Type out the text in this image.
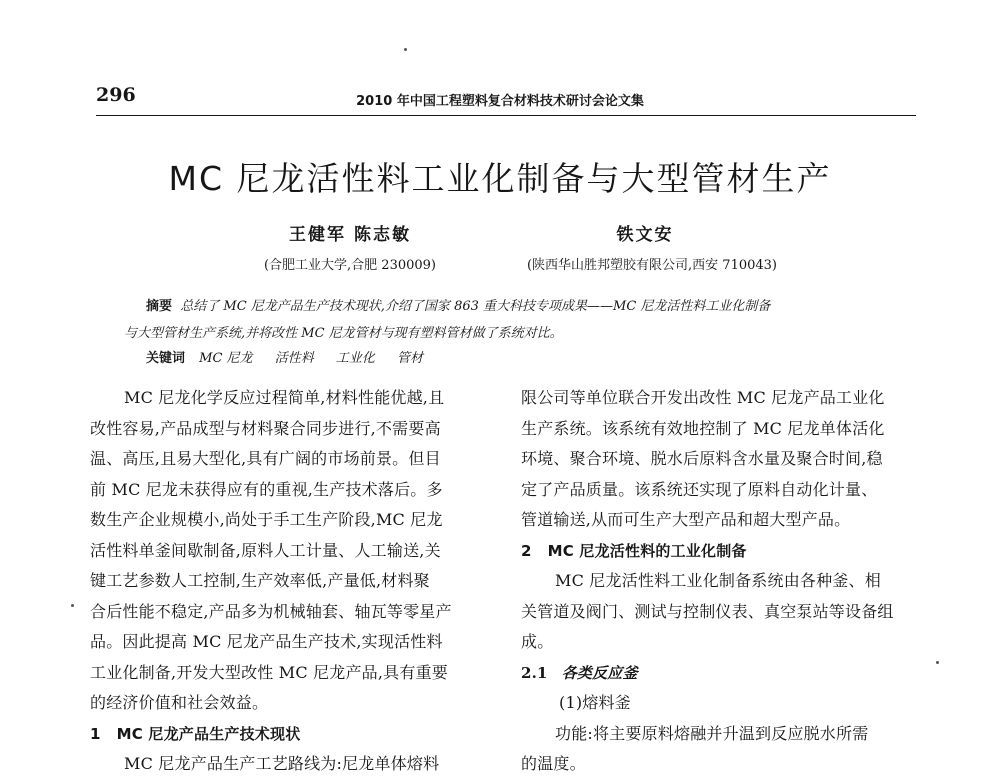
296	2010 年中国工程塑料复合材料技术研讨会论文集
MC 尼龙活性料工业化制备与大型管材生产
王健军 陈志敏
(合肥工业大学,合肥 230009)
铁文安
(陕西华山胜邦塑胶有限公司,西安 710043)
摘要 总结了 MC 尼龙产品生产技术现状,介绍了国家 863 重大科技专项成果——MC 尼龙活性料工业化制备
与大型管材生产系统,并将改性 MC 尼龙管材与现有塑料管材做了系统对比。
关键词 MC 尼龙 活性料 工业化 管材
MC 尼龙化学反应过程简单,材料性能优越,且
改性容易,产品成型与材料聚合同步进行,不需要高
温、高压,且易大型化,具有广阔的市场前景。但目
前 MC 尼龙未获得应有的重视,生产技术落后。多
数生产企业规模小,尚处于手工生产阶段,MC 尼龙
活性料单釜间歇制备,原料人工计量、人工输送,关
键工艺参数人工控制,生产效率低,产量低,材料聚
合后性能不稳定,产品多为机械轴套、轴瓦等零星产
品。因此提高 MC 尼龙产品生产技术,实现活性料
工业化制备,开发大型改性 MC 尼龙产品,具有重要
的经济价值和社会效益。
1 MC 尼龙产品生产技术现状
MC 尼龙产品生产工艺路线为:尼龙单体熔料
限公司等单位联合开发出改性 MC 尼龙产品工业化
生产系统。该系统有效地控制了 MC 尼龙单体活化
环境、聚合环境、脱水后原料含水量及聚合时间,稳
定了产品质量。该系统还实现了原料自动化计量、
管道输送,从而可生产大型产品和超大型产品。
2 MC 尼龙活性料的工业化制备
MC 尼龙活性料工业化制备系统由各种釜、相
关管道及阀门、测试与控制仪表、真空泵站等设备组
成。
2.1 各类反应釜
(1)熔料釜
功能:将主要原料熔融并升温到反应脱水所需
的温度。
